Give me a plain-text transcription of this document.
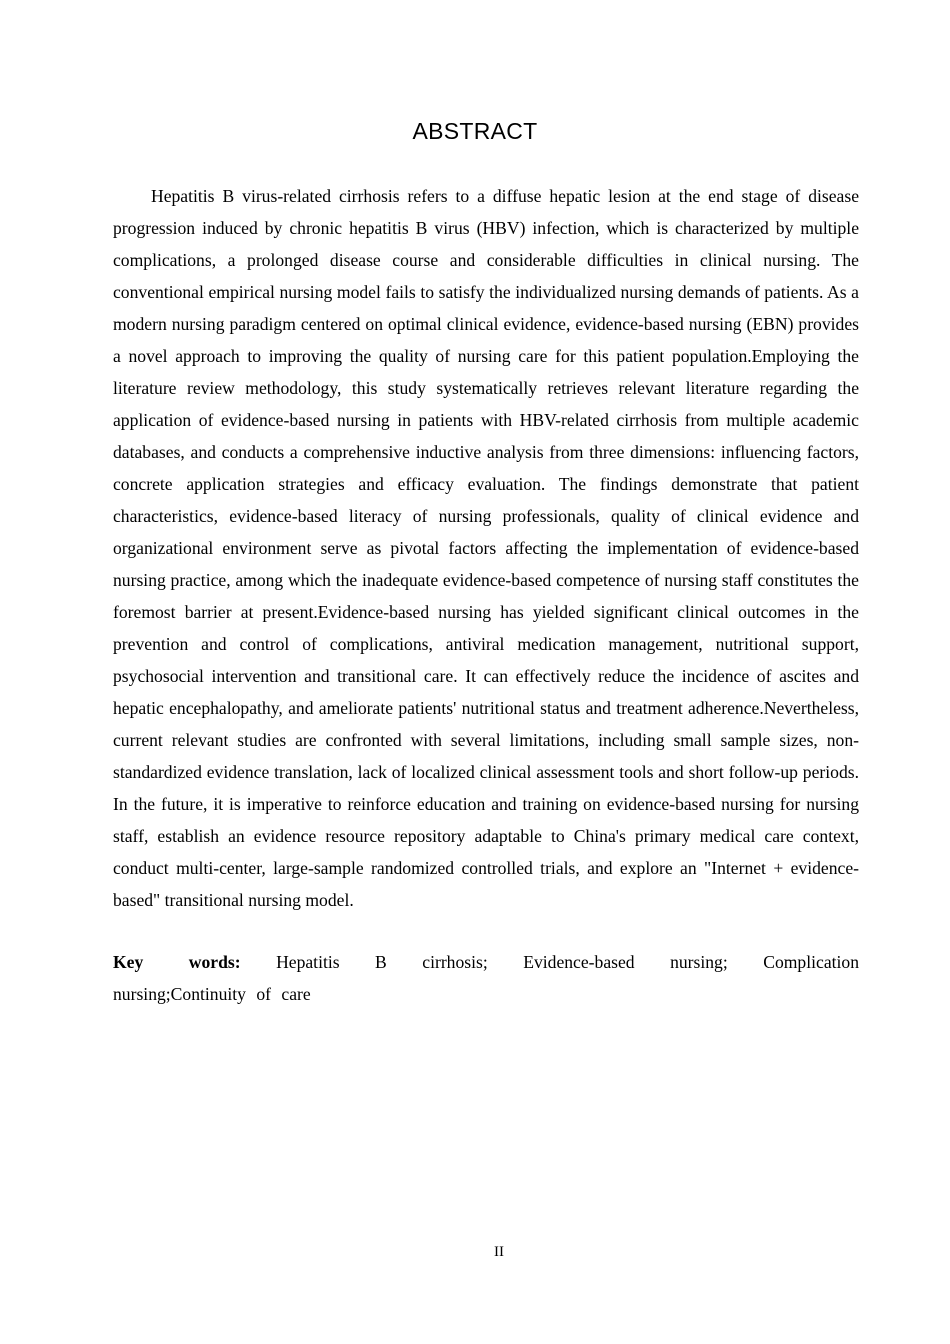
ABSTRACT

Hepatitis B virus-related cirrhosis refers to a diffuse hepatic lesion at the end stage of disease progression induced by chronic hepatitis B virus (HBV) infection, which is characterized by multiple complications, a prolonged disease course and considerable difficulties in clinical nursing. The conventional empirical nursing model fails to satisfy the individualized nursing demands of patients. As a modern nursing paradigm centered on optimal clinical evidence, evidence-based nursing (EBN) provides a novel approach to improving the quality of nursing care for this patient population.Employing the literature review methodology, this study systematically retrieves relevant literature regarding the application of evidence-based nursing in patients with HBV-related cirrhosis from multiple academic databases, and conducts a comprehensive inductive analysis from three dimensions: influencing factors, concrete application strategies and efficacy evaluation. The findings demonstrate that patient characteristics, evidence-based literacy of nursing professionals, quality of clinical evidence and organizational environment serve as pivotal factors affecting the implementation of evidence-based nursing practice, among which the inadequate evidence-based competence of nursing staff constitutes the foremost barrier at present.Evidence-based nursing has yielded significant clinical outcomes in the prevention and control of complications, antiviral medication management, nutritional support, psychosocial intervention and transitional care. It can effectively reduce the incidence of ascites and hepatic encephalopathy, and ameliorate patients' nutritional status and treatment adherence.Nevertheless, current relevant studies are confronted with several limitations, including small sample sizes, non-standardized evidence translation, lack of localized clinical assessment tools and short follow-up periods. In the future, it is imperative to reinforce education and training on evidence-based nursing for nursing staff, establish an evidence resource repository adaptable to China's primary medical care context, conduct multi-center, large-sample randomized controlled trials, and explore an "Internet + evidence-based" transitional nursing model.

Key words: Hepatitis B cirrhosis; Evidence-based nursing; Complication nursing;Continuity of care

II
